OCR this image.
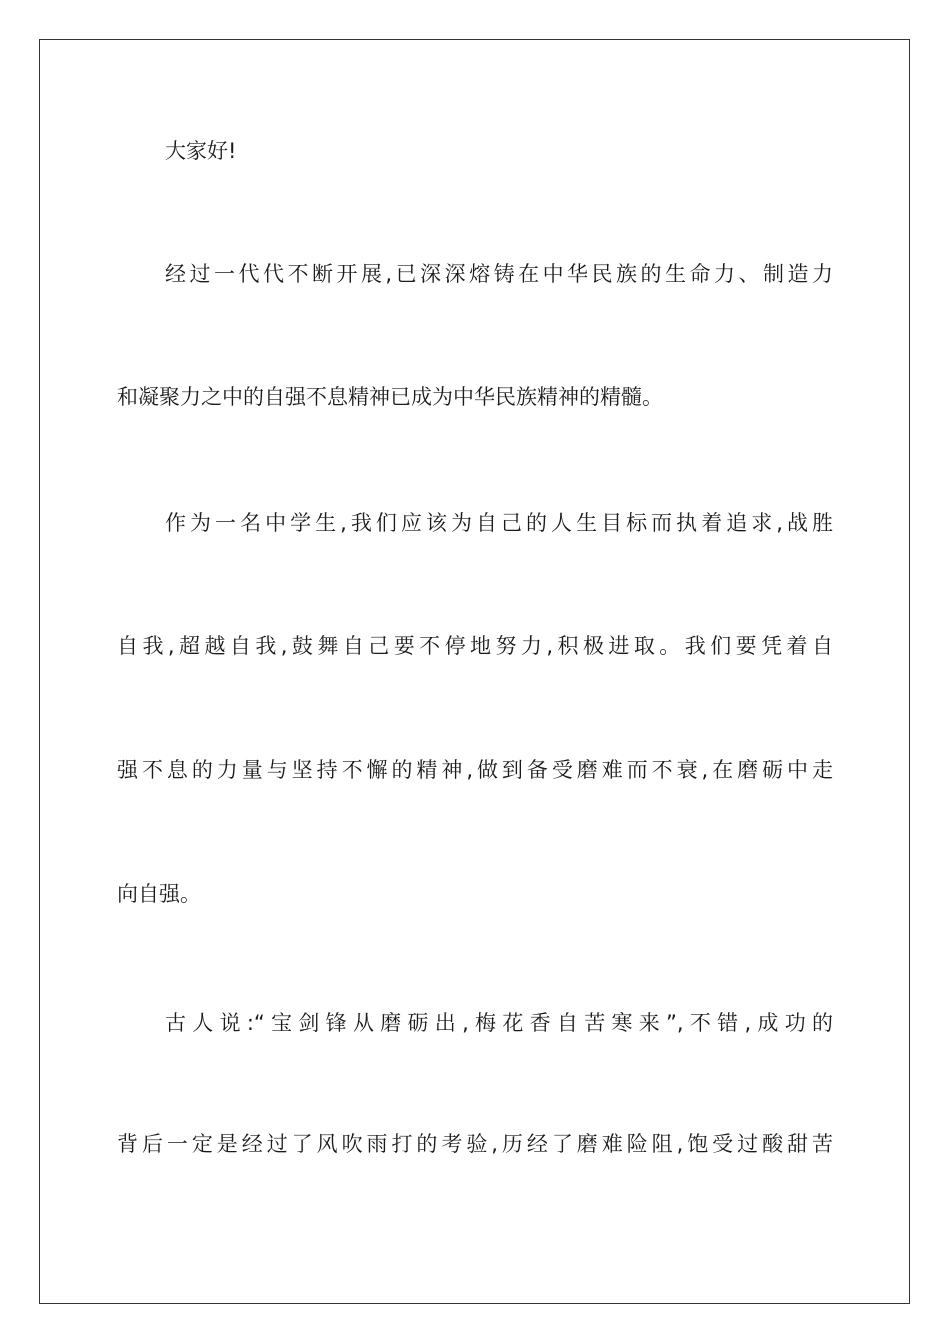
大家好!
经过一代代不断开展,已深深熔铸在中华民族的生命力、制造力
和凝聚力之中的自强不息精神已成为中华民族精神的精髓。
作为一名中学生,我们应该为自己的人生目标而执着追求,战胜
自我,超越自我,鼓舞自己要不停地努力,积极进取。我们要凭着自
强不息的力量与坚持不懈的精神,做到备受磨难而不衰,在磨砺中走
向自强。
古人说:“宝剑锋从磨砺出,梅花香自苦寒来”,不错,成功的
背后一定是经过了风吹雨打的考验,历经了磨难险阻,饱受过酸甜苦
